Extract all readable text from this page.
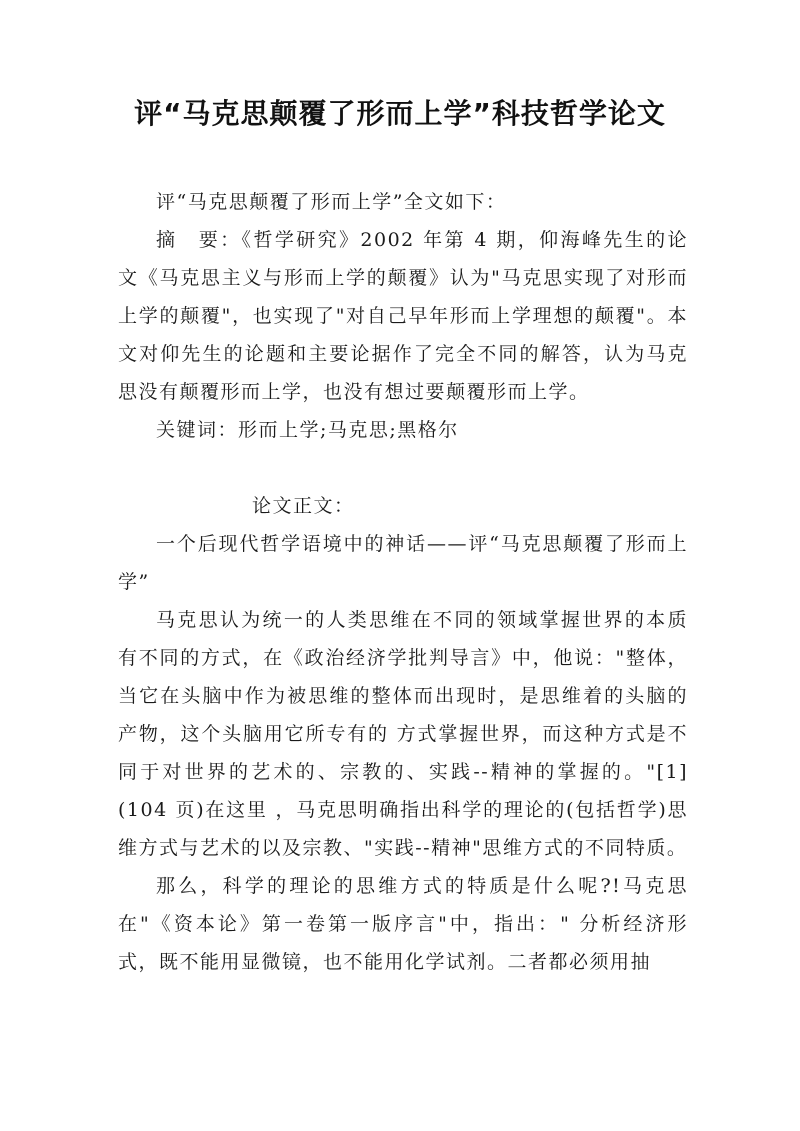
评“马克思颠覆了形而上学”科技哲学论文

评“马克思颠覆了形而上学”全文如下：

摘　要：《哲学研究》2002 年第 4 期，仰海峰先生的论文《马克思主义与形而上学的颠覆》认为"马克思实现了对形而上学的颠覆"，也实现了"对自己早年形而上学理想的颠覆"。本文对仰先生的论题和主要论据作了完全不同的解答，认为马克思没有颠覆形而上学，也没有想过要颠覆形而上学。

关键词：形而上学;马克思;黑格尔

论文正文：

一个后现代哲学语境中的神话——评“马克思颠覆了形而上学”

马克思认为统一的人类思维在不同的领域掌握世界的本质有不同的方式，在《政治经济学批判导言》中，他说："整体，当它在头脑中作为被思维的整体而出现时，是思维着的头脑的产物，这个头脑用它所专有的 方式掌握世界，而这种方式是不同于对世界的艺术的、宗教的、实践--精神的掌握的。"[1](104 页)在这里 ，马克思明确指出科学的理论的(包括哲学)思维方式与艺术的以及宗教、"实践--精神"思维方式的不同特质。

那么，科学的理论的思维方式的特质是什么呢?!马克思在"《资本论》第一卷第一版序言"中，指出：" 分析经济形式，既不能用显微镜，也不能用化学试剂。二者都必须用抽
